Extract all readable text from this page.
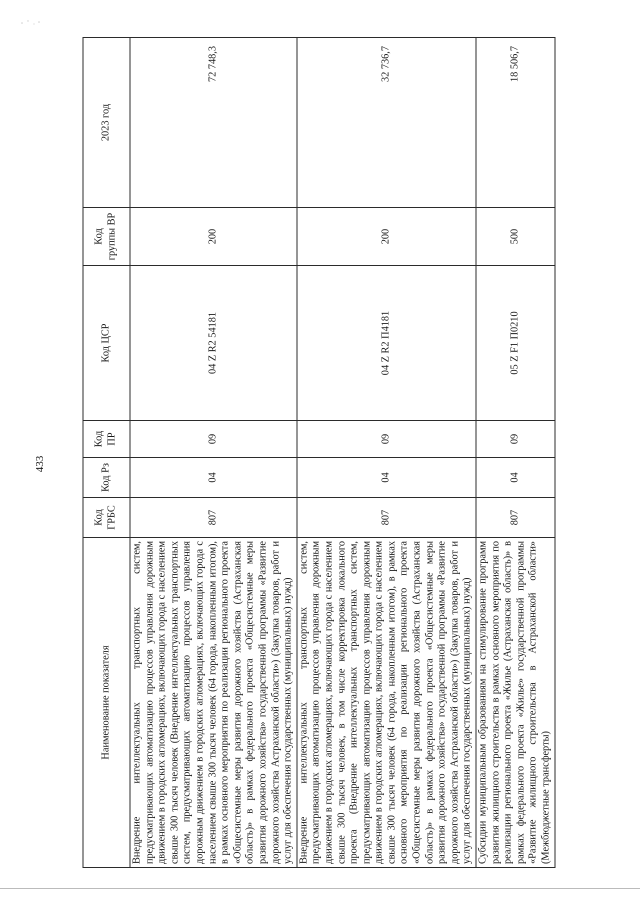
433
Наименование показателя	Код ГРБС	Код Рз	Код ПР	Код ЦСР	Код группы ВР	2023 год
Внедрение интеллектуальных транспортных систем, предусматривающих автоматизацию процессов управления дорожным движением в городских агломерациях, включающих города с населением свыше 300 тысяч человек (Внедрение интеллектуальных транспортных систем, предусматривающих автоматизацию процессов управления дорожным движением в городских агломерациях, включающих города с населением свыше 300 тысяч человек (64 города, накопленным итогом), в рамках основного мероприятия по реализации регионального проекта «Общесистемные меры развития дорожного хозяйства (Астраханская область)» в рамках федерального проекта «Общесистемные меры развития дорожного хозяйства» государственной программы «Развитие дорожного хозяйства Астраханской области») (Закупка товаров, работ и услуг для обеспечения государственных (муниципальных) нужд)	807	04	09	04 Z R2 54181	200	72 748,3
Внедрение интеллектуальных транспортных систем, предусматривающих автоматизацию процессов управления дорожным движением в городских агломерациях, включающих города с населением свыше 300 тысяч человек, в том числе корректировка локального проекта (Внедрение интеллектуальных транспортных систем, предусматривающих автоматизацию процессов управления дорожным движением в городских агломерациях, включающих города с населением свыше 300 тысяч человек (64 города, накопленным итогом), в рамках основного мероприятия по реализации регионального проекта «Общесистемные меры развития дорожного хозяйства (Астраханская область)» в рамках федерального проекта «Общесистемные меры развития дорожного хозяйства» государственной программы «Развитие дорожного хозяйства Астраханской области») (Закупка товаров, работ и услуг для обеспечения государственных (муниципальных) нужд)	807	04	09	04 Z R2 П4181	200	32 736,7
Субсидии муниципальным образованиям на стимулирование программ развития жилищного строительства в рамках основного мероприятия по реализации регионального проекта «Жилье (Астраханская область)» в рамках федерального проекта «Жилье» государственной программы «Развитие жилищного строительства в Астраханской области» (Межбюджетные трансферты)	807	04	09	05 Z F1 П0210	500	18 506,7
